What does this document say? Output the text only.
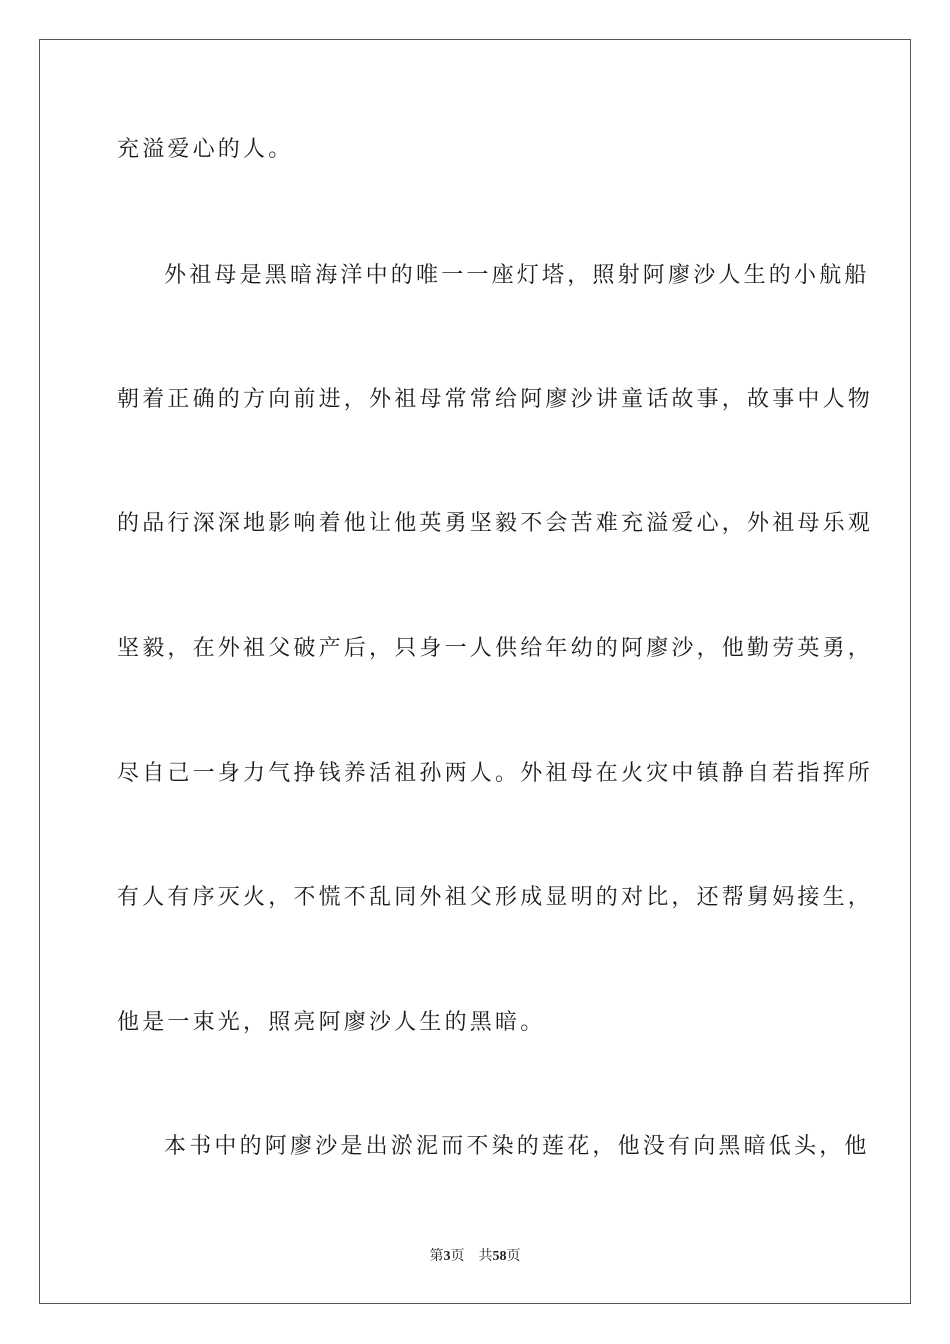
充溢爱心的人。
外祖母是黑暗海洋中的唯一一座灯塔，照射阿廖沙人生的小航船
朝着正确的方向前进，外祖母常常给阿廖沙讲童话故事，故事中人物
的品行深深地影响着他让他英勇坚毅不会苦难充溢爱心，外祖母乐观
坚毅，在外祖父破产后，只身一人供给年幼的阿廖沙，他勤劳英勇，
尽自己一身力气挣钱养活祖孙两人。外祖母在火灾中镇静自若指挥所
有人有序灭火，不慌不乱同外祖父形成显明的对比，还帮舅妈接生，
他是一束光，照亮阿廖沙人生的黑暗。
本书中的阿廖沙是出淤泥而不染的莲花，他没有向黑暗低头，他
第3页 共58页
